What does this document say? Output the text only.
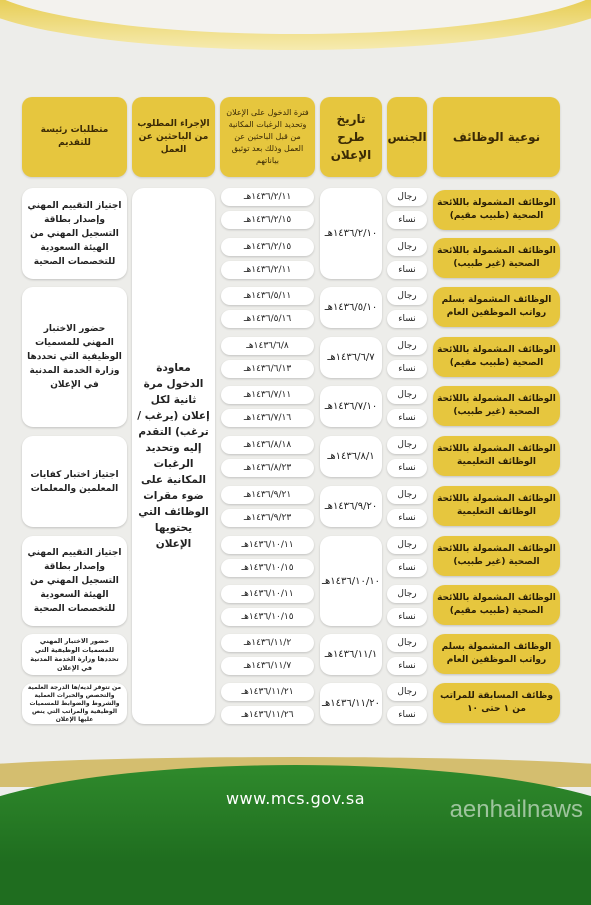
نوعية الوظائف
الجنس
تاريخ طرح الإعلان
فترة الدخول على الإعلان وتحديد الرغبات المكانية من قبل الباحثين عن العمل وذلك بعد توثيق بياناتهم
الإجراء المطلوب من الباحثين عن العمل
متطلبات رئيسة للتقديم
الوظائف المشمولة باللائحة الصحية (طبيب مقيم)
الوظائف المشمولة باللائحة الصحية (غير طبيب)
الوظائف المشمولة بسلم رواتب الموظفين العام
الوظائف المشمولة باللائحة الصحية (طبيب مقيم)
الوظائف المشمولة باللائحة الصحية (غير طبيب)
الوظائف المشمولة باللائحة الوظائف التعليمية
الوظائف المشمولة باللائحة الوظائف التعليمية
الوظائف المشمولة باللائحة الصحية (غير طبيب)
الوظائف المشمولة باللائحة الصحية (طبيب مقيم)
الوظائف المشمولة بسلم رواتب الموظفين العام
وظائف المسابقة للمراتب من ١ حتى ١٠
رجال
نساء
رجال
نساء
رجال
نساء
رجال
نساء
رجال
نساء
رجال
نساء
رجال
نساء
رجال
نساء
رجال
نساء
رجال
نساء
رجال
نساء
١٤٣٦/٢/١٠هـ
١٤٣٦/٥/١٠هـ
١٤٣٦/٦/٧هـ
١٤٣٦/٧/١٠هـ
١٤٣٦/٨/١هـ
١٤٣٦/٩/٢٠هـ
١٤٣٦/١٠/١٠هـ
١٤٣٦/١١/١هـ
١٤٣٦/١١/٢٠هـ
١٤٣٦/٢/١١هـ
١٤٣٦/٢/١٥هـ
١٤٣٦/٢/١٥هـ
١٤٣٦/٢/١١هـ
١٤٣٦/٥/١١هـ
١٤٣٦/٥/١٦هـ
١٤٣٦/٦/٨هـ
١٤٣٦/٦/١٣هـ
١٤٣٦/٧/١١هـ
١٤٣٦/٧/١٦هـ
١٤٣٦/٨/١٨هـ
١٤٣٦/٨/٢٣هـ
١٤٣٦/٩/٢١هـ
١٤٣٦/٩/٢٣هـ
١٤٣٦/١٠/١١هـ
١٤٣٦/١٠/١٥هـ
١٤٣٦/١٠/١١هـ
١٤٣٦/١٠/١٥هـ
١٤٣٦/١١/٢هـ
١٤٣٦/١١/٧هـ
١٤٣٦/١١/٢١هـ
١٤٣٦/١١/٢٦هـ
معاودة الدخول مرة ثانية لكل إعلان (يرغب / ترغب) التقدم إليه وتحديد الرغبات المكانية على ضوء مقرات الوظائف التي يحتويها الإعلان
اجتياز التقييم المهني وإصدار بطاقة التسجيل المهني من الهيئة السعودية للتخصصات الصحية
حضور الاختبار المهني للمسميات الوظيفية التي تحددها وزارة الخدمة المدنية في الإعلان
اجتياز اختبار كفايات المعلمين والمعلمات
اجتياز التقييم المهني وإصدار بطاقة التسجيل المهني من الهيئة السعودية للتخصصات الصحية
حضور الاختبار المهني للمسميات الوظيفية التي تحددها وزارة الخدمة المدنية في الإعلان
من تتوفر لديه/ها الدرجة العلمية والتخصص والخبرات العملية والشروط والضوابط للمسميات الوظيفية والمراتب التي ينص عليها الإعلان
www.mcs.gov.sa	aenhailnaws
